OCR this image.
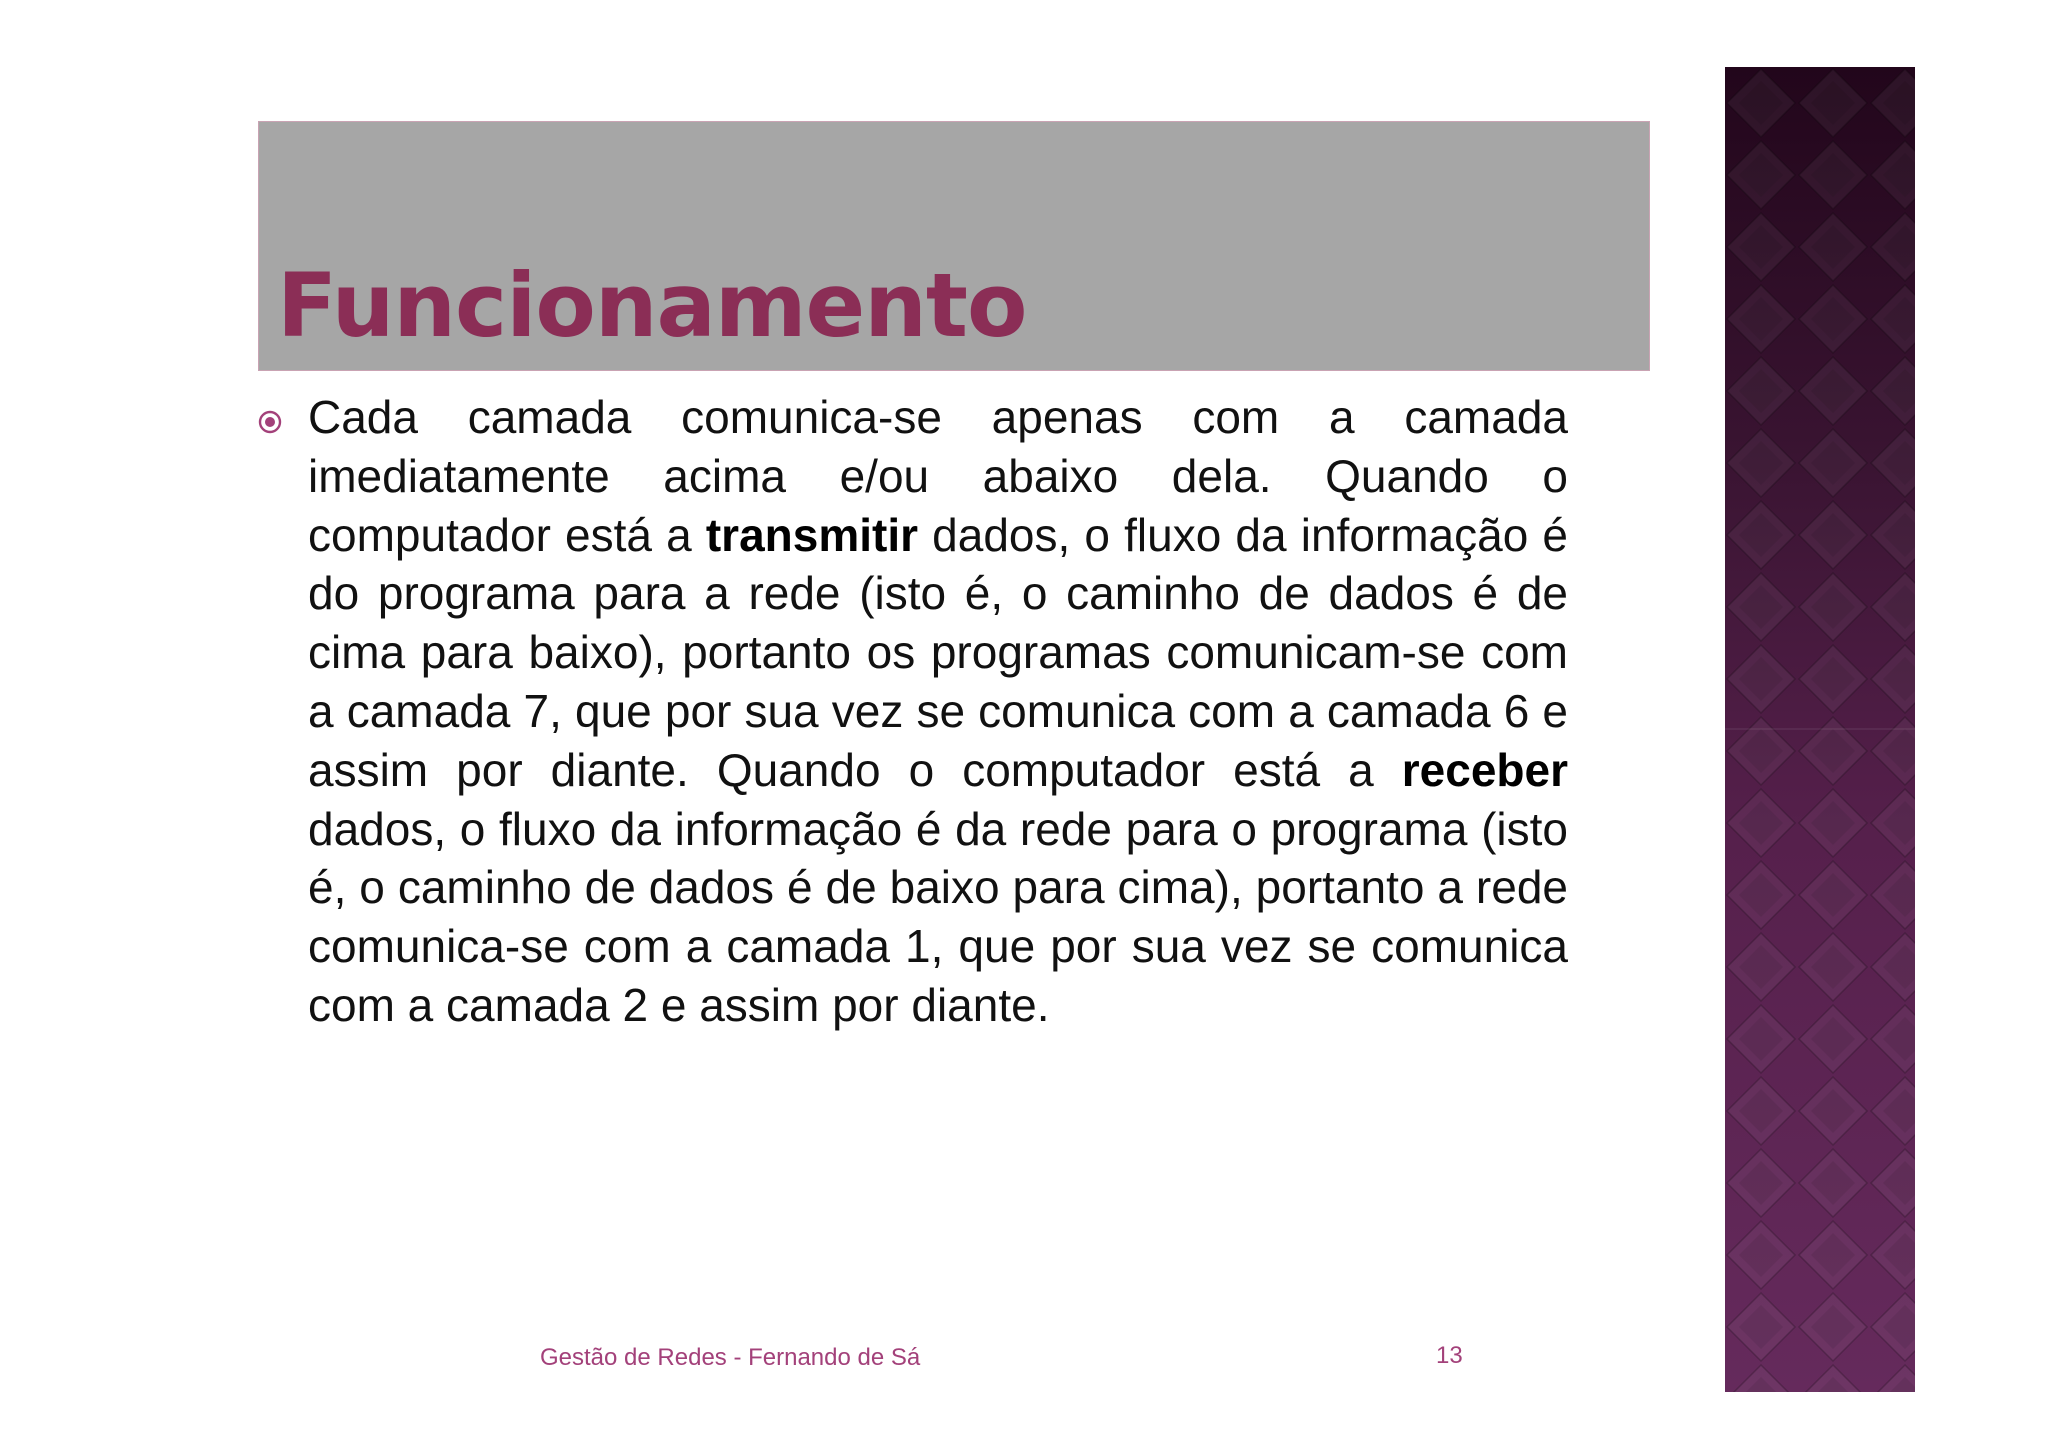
Funcionamento

Cada camada comunica-se apenas com a camada imediatamente acima e/ou abaixo dela. Quando o computador está a transmitir dados, o fluxo da informação é do programa para a rede (isto é, o caminho de dados é de cima para baixo), portanto os programas comunicam-se com a camada 7, que por sua vez se comunica com a camada 6 e assim por diante. Quando o computador está a receber dados, o fluxo da informação é da rede para o programa (isto é, o caminho de dados é de baixo para cima), portanto a rede comunica-se com a camada 1, que por sua vez se comunica com a camada 2 e assim por diante.

Gestão de Redes - Fernando de Sá	13
